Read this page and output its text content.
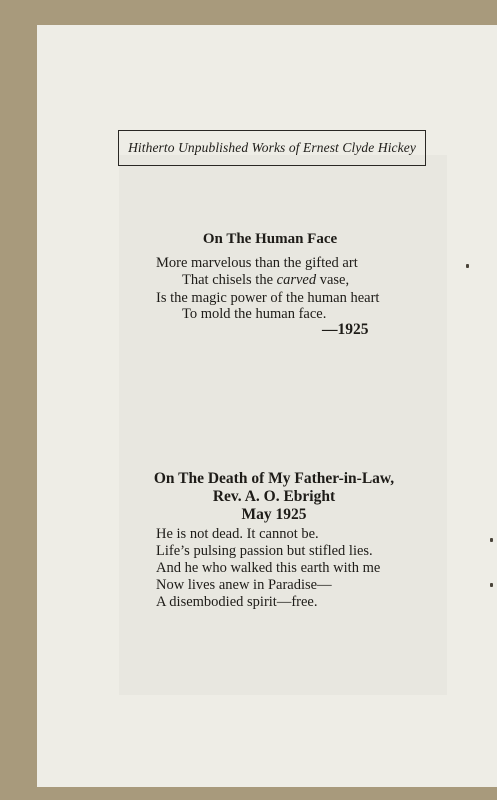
Hitherto Unpublished Works of Ernest Clyde Hickey
On The Human Face
More marvelous than the gifted art
That chisels the carved vase,
Is the magic power of the human heart
To mold the human face.
—1925
On The Death of My Father-in-Law,
Rev. A. O. Ebright
May 1925
He is not dead. It cannot be.
Life’s pulsing passion but stifled lies.
And he who walked this earth with me
Now lives anew in Paradise—
A disembodied spirit—free.
